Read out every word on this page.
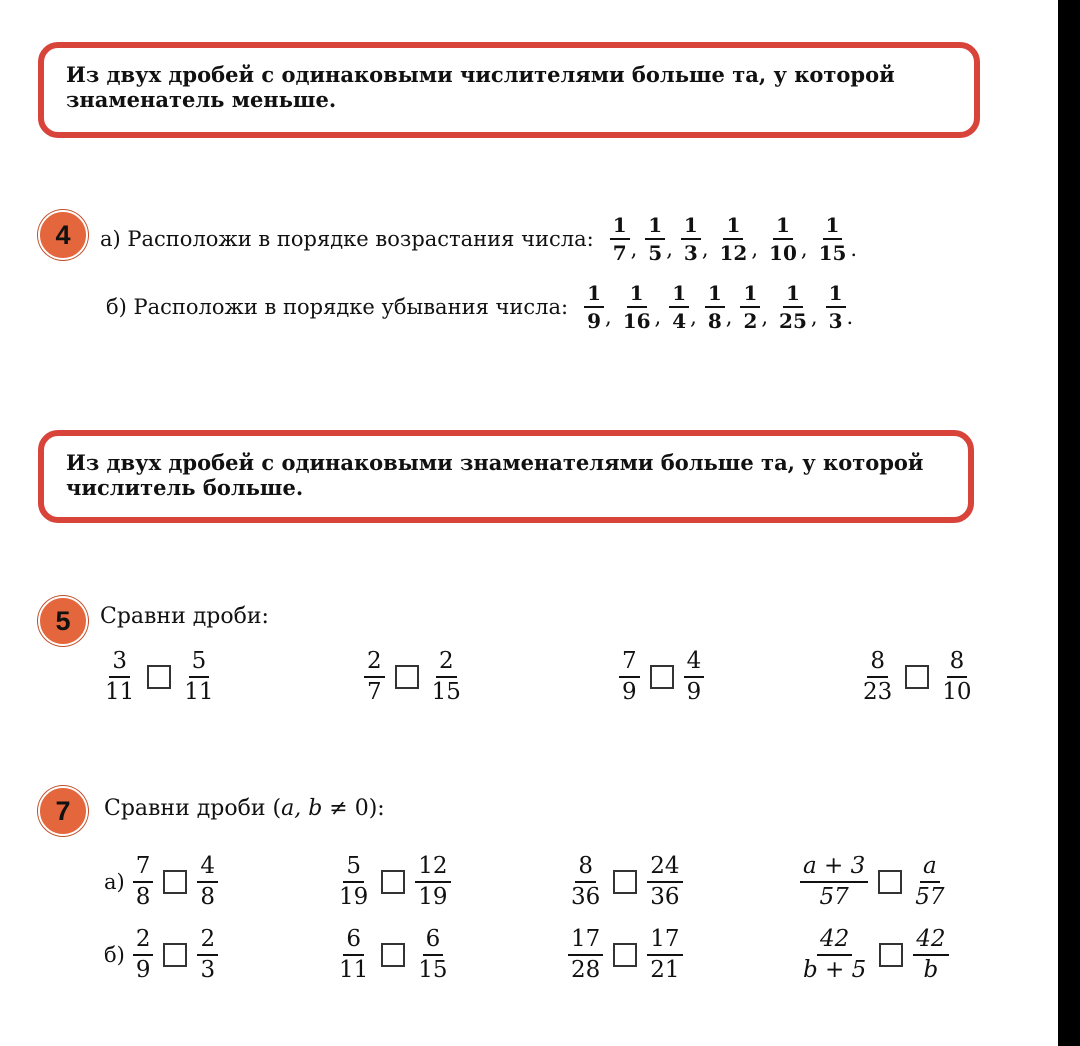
Из двух дробей с одинаковыми числителями больше та, у которой знаменатель меньше.
4	а) Расположи в порядке возрастания числа: $\frac{1}{7}$ , $\frac{1}{5}$ , $\frac{1}{3}$ , $\frac{1}{12}$ , $\frac{1}{10}$ , $\frac{1}{15}$ .
б) Расположи в порядке убывания числа: $\frac{1}{9}$ , $\frac{1}{16}$ , $\frac{1}{4}$ , $\frac{1}{8}$ , $\frac{1}{2}$ , $\frac{1}{25}$ , $\frac{1}{3}$ .
Из двух дробей с одинаковыми знаменателями больше та, у которой числитель больше.
5	Сравни дроби:
$\frac{3}{11} \frac{5}{11}$	$\frac{2}{7} \frac{2}{15}$	$\frac{7}{9} \frac{4}{9}$	$\frac{8}{23} \frac{8}{10}$
7	Сравни дроби (a, b ≠ 0):
$а) \frac{7}{8} \frac{4}{8}$	$\frac{5}{19} \frac{12}{19}$	$\frac{8}{36} \frac{24}{36}$	$\frac{a + 3}{57} \frac{a}{57}$
$б) \frac{2}{9} \frac{2}{3}$	$\frac{6}{11} \frac{6}{15}$	$\frac{17}{28} \frac{17}{21}$	$\frac{42}{b + 5} \frac{42}{b}$
